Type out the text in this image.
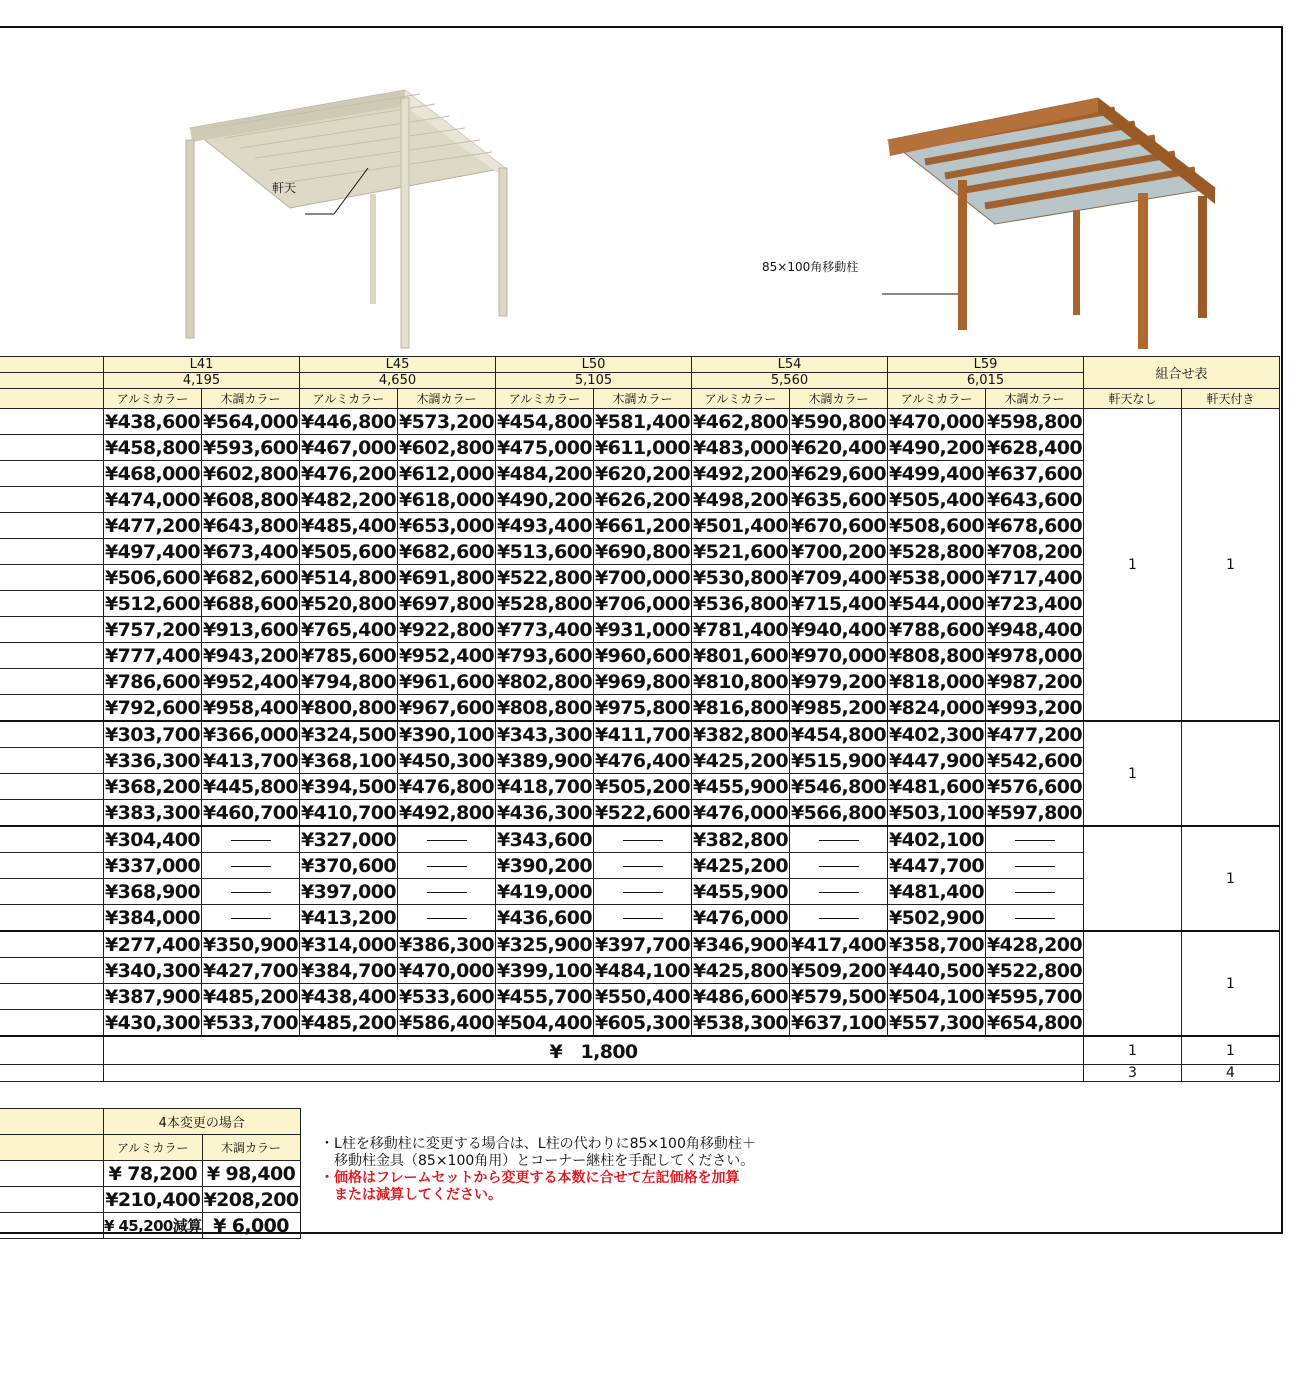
軒天
85×100角移動柱
	L41		L45		L50		L54		L59		組合せ表	
	4,195		4,650		5,105		5,560		6,015			
	アルミカラー	木調カラー	アルミカラー	木調カラー	アルミカラー	木調カラー	アルミカラー	木調カラー	アルミカラー	木調カラー	軒天なし	軒天付き
	¥438,600	¥564,000	¥446,800	¥573,200	¥454,800	¥581,400	¥462,800	¥590,800	¥470,000	¥598,800	1	1
	¥458,800	¥593,600	¥467,000	¥602,800	¥475,000	¥611,000	¥483,000	¥620,400	¥490,200	¥628,400		
	¥468,000	¥602,800	¥476,200	¥612,000	¥484,200	¥620,200	¥492,200	¥629,600	¥499,400	¥637,600		
	¥474,000	¥608,800	¥482,200	¥618,000	¥490,200	¥626,200	¥498,200	¥635,600	¥505,400	¥643,600		
	¥477,200	¥643,800	¥485,400	¥653,000	¥493,400	¥661,200	¥501,400	¥670,600	¥508,600	¥678,600		
	¥497,400	¥673,400	¥505,600	¥682,600	¥513,600	¥690,800	¥521,600	¥700,200	¥528,800	¥708,200		
	¥506,600	¥682,600	¥514,800	¥691,800	¥522,800	¥700,000	¥530,800	¥709,400	¥538,000	¥717,400		
	¥512,600	¥688,600	¥520,800	¥697,800	¥528,800	¥706,000	¥536,800	¥715,400	¥544,000	¥723,400		
	¥757,200	¥913,600	¥765,400	¥922,800	¥773,400	¥931,000	¥781,400	¥940,400	¥788,600	¥948,400		
	¥777,400	¥943,200	¥785,600	¥952,400	¥793,600	¥960,600	¥801,600	¥970,000	¥808,800	¥978,000		
	¥786,600	¥952,400	¥794,800	¥961,600	¥802,800	¥969,800	¥810,800	¥979,200	¥818,000	¥987,200		
	¥792,600	¥958,400	¥800,800	¥967,600	¥808,800	¥975,800	¥816,800	¥985,200	¥824,000	¥993,200		
	¥303,700	¥366,000	¥324,500	¥390,100	¥343,300	¥411,700	¥382,800	¥454,800	¥402,300	¥477,200	1	
	¥336,300	¥413,700	¥368,100	¥450,300	¥389,900	¥476,400	¥425,200	¥515,900	¥447,900	¥542,600		
	¥368,200	¥445,800	¥394,500	¥476,800	¥418,700	¥505,200	¥455,900	¥546,800	¥481,600	¥576,600		
	¥383,300	¥460,700	¥410,700	¥492,800	¥436,300	¥522,600	¥476,000	¥566,800	¥503,100	¥597,800		
	¥304,400		¥327,000		¥343,600		¥382,800		¥402,100			1
	¥337,000		¥370,600		¥390,200		¥425,200		¥447,700			
	¥368,900		¥397,000		¥419,000		¥455,900		¥481,400			
	¥384,000		¥413,200		¥436,600		¥476,000		¥502,900			
	¥277,400	¥350,900	¥314,000	¥386,300	¥325,900	¥397,700	¥346,900	¥417,400	¥358,700	¥428,200		1
	¥340,300	¥427,700	¥384,700	¥470,000	¥399,100	¥484,100	¥425,800	¥509,200	¥440,500	¥522,800		
	¥387,900	¥485,200	¥438,400	¥533,600	¥455,700	¥550,400	¥486,600	¥579,500	¥504,100	¥595,700		
	¥430,300	¥533,700	¥485,200	¥586,400	¥504,400	¥605,300	¥538,300	¥637,100	¥557,300	¥654,800		
	¥　1,800										1	1
											3	4
	4本変更の場合	
	アルミカラー	木調カラー
	¥ 78,200	¥ 98,400
	¥210,400	¥208,200
	¥ 45,200減算	¥ 6,000
・L柱を移動柱に変更する場合は、L柱の代わりに85×100角移動柱＋
　移動柱金具（85×100角用）とコーナー継柱を手配してください。
・価格はフレームセットから変更する本数に合せて左記価格を加算
　または減算してください。
